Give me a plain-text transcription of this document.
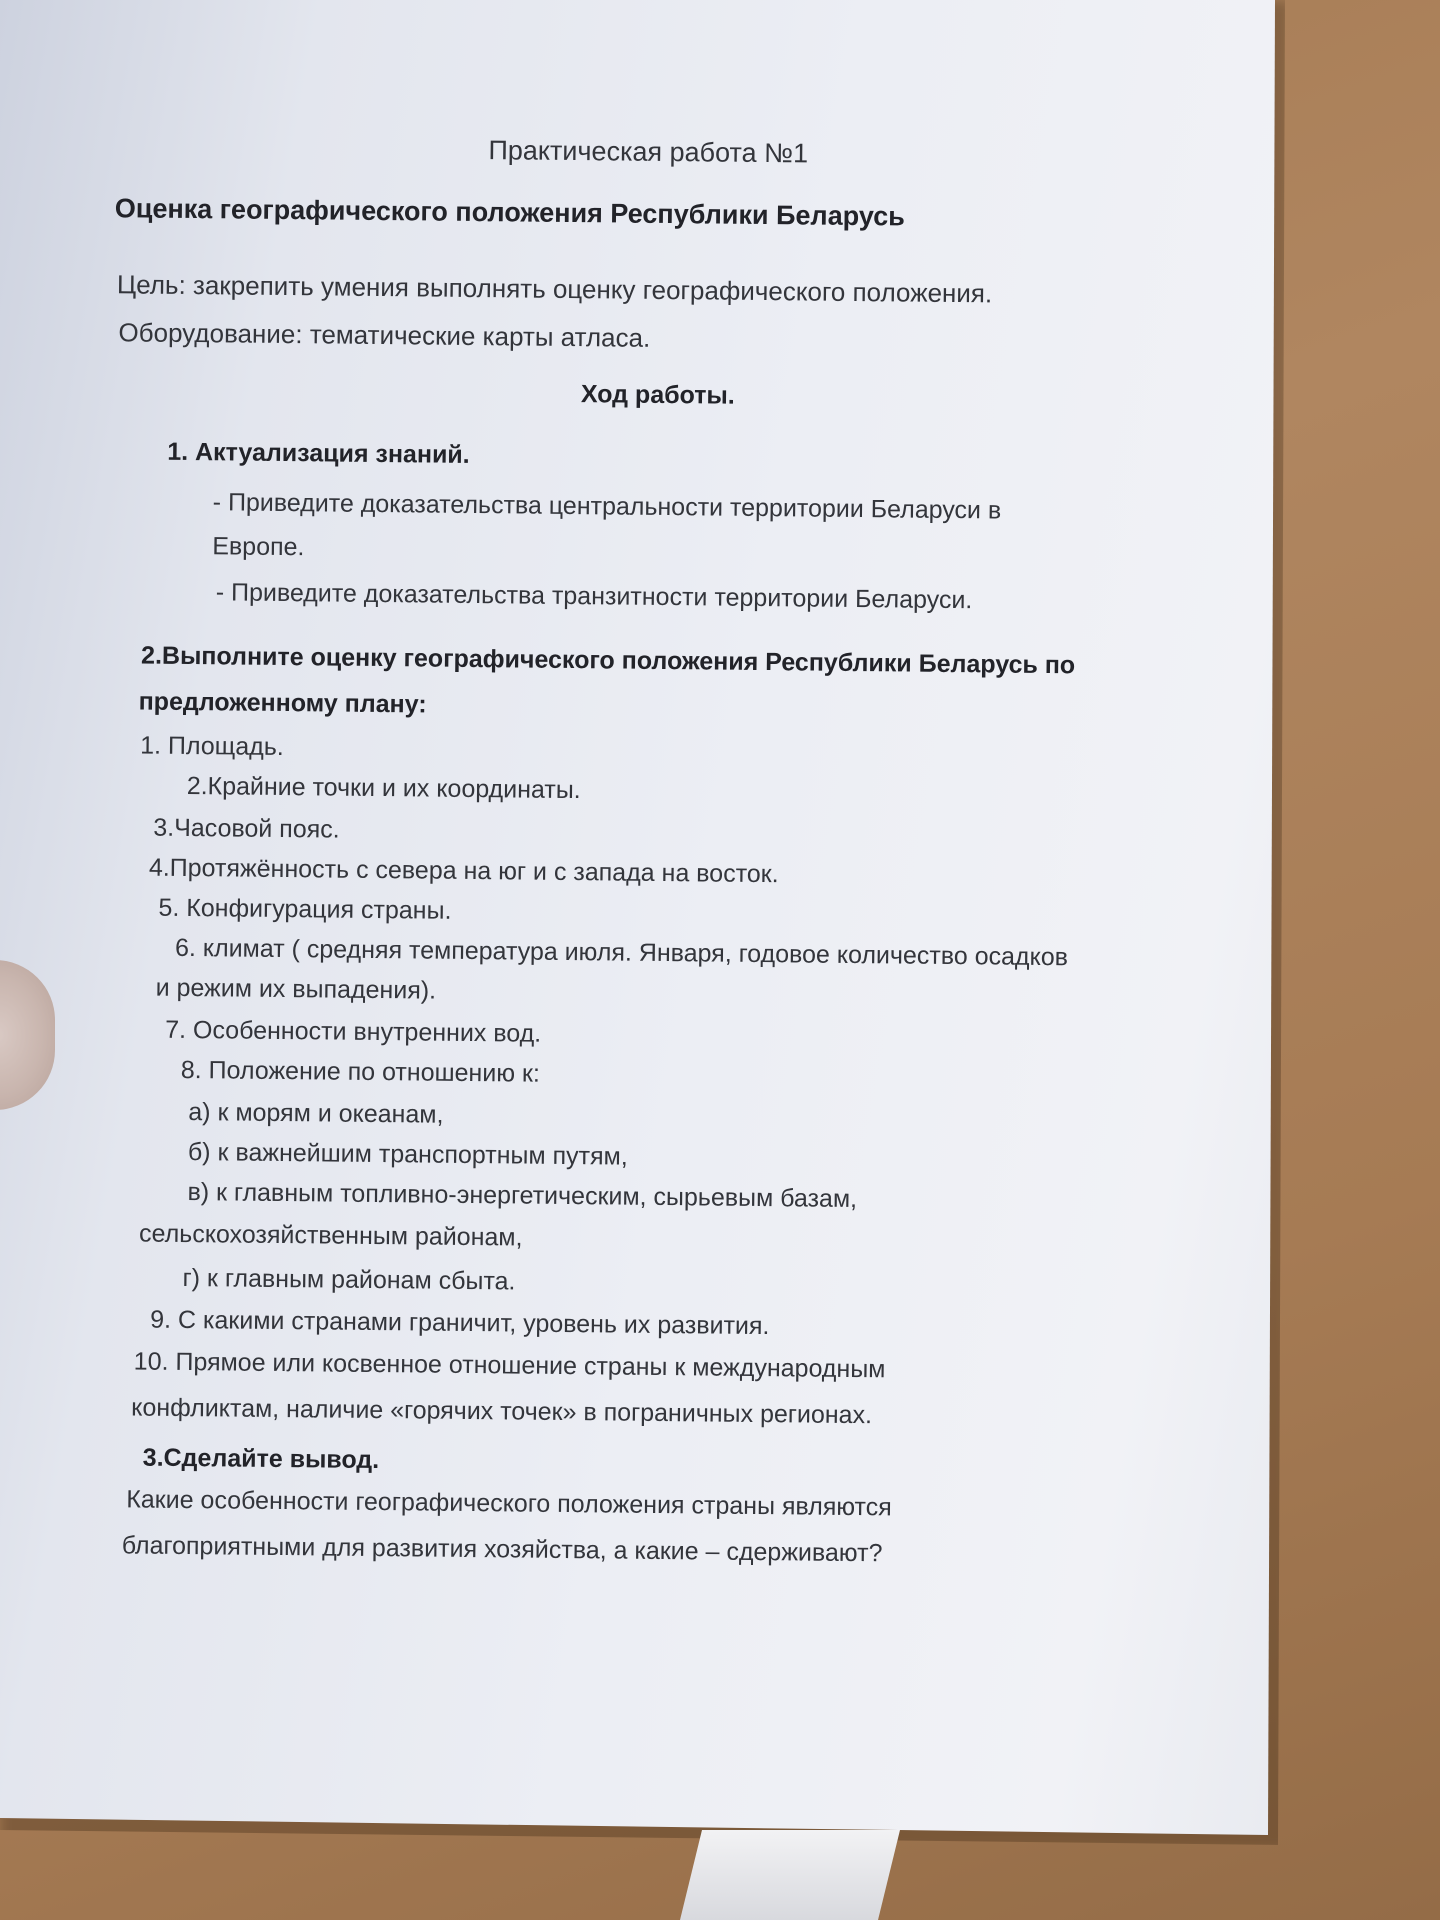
Практическая работа №1
Оценка географического положения Республики Беларусь
Цель: закрепить умения выполнять оценку географического положения.
Оборудование: тематические карты атласа.
Ход работы.
1. Актуализация знаний.
- Приведите доказательства центральности территории Беларуси в
Европе.
- Приведите доказательства транзитности территории Беларуси.
2.Выполните оценку географического положения Республики Беларусь по
предложенному плану:
1. Площадь.
2.Крайние точки и их координаты.
3.Часовой пояс.
4.Протяжённость с севера на юг и с запада на восток.
5. Конфигурация страны.
6. климат ( средняя температура июля. Января, годовое количество осадков
и режим их выпадения).
7. Особенности внутренних вод.
8. Положение по отношению к:
а) к морям и океанам,
б) к важнейшим транспортным путям,
в) к главным топливно-энергетическим, сырьевым базам,
сельскохозяйственным районам,
г) к главным районам сбыта.
9. С какими странами граничит, уровень их развития.
10. Прямое или косвенное отношение страны к международным
конфликтам, наличие «горячих точек» в пограничных регионах.
3.Сделайте вывод.
Какие особенности географического положения страны являются
благоприятными для развития хозяйства, а какие – сдерживают?
